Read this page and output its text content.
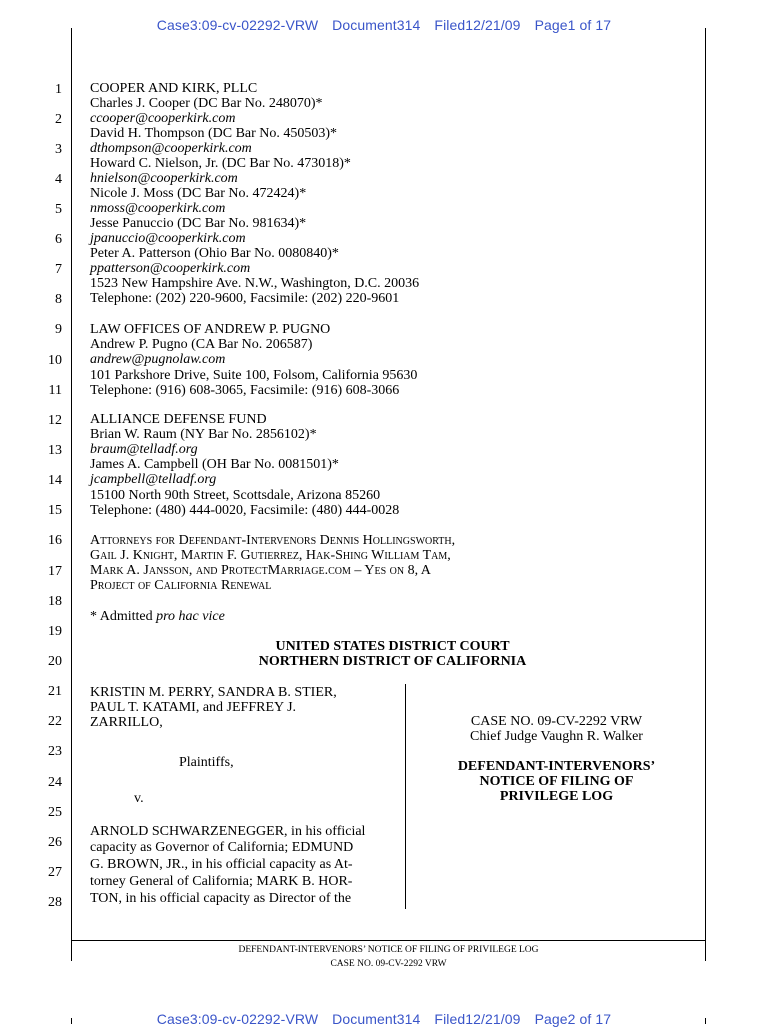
Case3:09-cv-02292-VRW Document314 Filed12/21/09 Page1 of 17
1
2
3
4
5
6
7
8
9
10
11
12
13
14
15
16
17
18
19
20
21
22
23
24
25
26
27
28
COOPER AND KIRK, PLLC
Charles J. Cooper (DC Bar No. 248070)*
ccooper@cooperkirk.com
David H. Thompson (DC Bar No. 450503)*
dthompson@cooperkirk.com
Howard C. Nielson, Jr. (DC Bar No. 473018)*
hnielson@cooperkirk.com
Nicole J. Moss (DC Bar No. 472424)*
nmoss@cooperkirk.com
Jesse Panuccio (DC Bar No. 981634)*
jpanuccio@cooperkirk.com
Peter A. Patterson (Ohio Bar No. 0080840)*
ppatterson@cooperkirk.com
1523 New Hampshire Ave. N.W., Washington, D.C. 20036
Telephone: (202) 220-9600, Facsimile: (202) 220-9601
LAW OFFICES OF ANDREW P. PUGNO
Andrew P. Pugno (CA Bar No. 206587)
andrew@pugnolaw.com
101 Parkshore Drive, Suite 100, Folsom, California 95630
Telephone: (916) 608-3065, Facsimile: (916) 608-3066
ALLIANCE DEFENSE FUND
Brian W. Raum (NY Bar No. 2856102)*
braum@telladf.org
James A. Campbell (OH Bar No. 0081501)*
jcampbell@telladf.org
15100 North 90th Street, Scottsdale, Arizona 85260
Telephone: (480) 444-0020, Facsimile: (480) 444-0028
Attorneys for Defendant-Intervenors Dennis Hollingsworth,
Gail J. Knight, Martin F. Gutierrez, Hak-Shing William Tam,
Mark A. Jansson, and ProtectMarriage.com – Yes on 8, A
Project of California Renewal
* Admitted pro hac vice
UNITED STATES DISTRICT COURT
NORTHERN DISTRICT OF CALIFORNIA
KRISTIN M. PERRY, SANDRA B. STIER,
PAUL T. KATAMI, and JEFFREY J.
ZARRILLO,
Plaintiffs,
v.
ARNOLD SCHWARZENEGGER, in his official
capacity as Governor of California; EDMUND
G. BROWN, JR., in his official capacity as At-
torney General of California; MARK B. HOR-
TON, in his official capacity as Director of the
CASE NO. 09-CV-2292 VRW
Chief Judge Vaughn R. Walker
DEFENDANT-INTERVENORS’
NOTICE OF FILING OF
PRIVILEGE LOG
DEFENDANT-INTERVENORS’ NOTICE OF FILING OF PRIVILEGE LOG
CASE NO. 09-CV-2292 VRW
Case3:09-cv-02292-VRW Document314 Filed12/21/09 Page2 of 17
